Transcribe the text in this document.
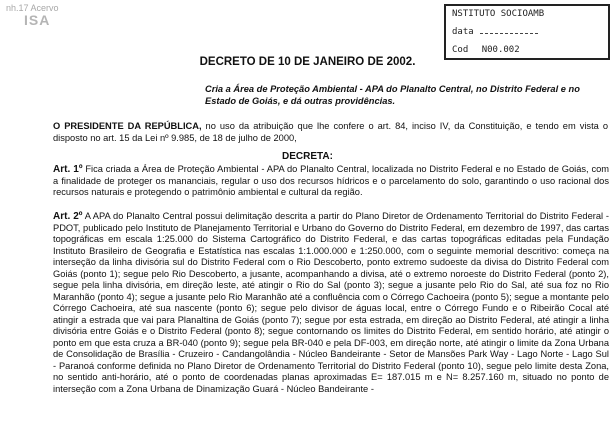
nh.17 Acervo
ISA	NSTITUTO SOCIOAMB
data
Cod N00.002
DECRETO DE 10 DE JANEIRO DE 2002.
Cria a Área de Proteção Ambiental - APA do Planalto Central, no Distrito Federal e no Estado de Goiás, e dá outras providências.
O PRESIDENTE DA REPÚBLICA, no uso da atribuição que lhe confere o art. 84, inciso IV, da Constituição, e tendo em vista o disposto no art. 15 da Lei nº 9.985, de 18 de julho de 2000,
DECRETA:
Art. 1º Fica criada a Área de Proteção Ambiental - APA do Planalto Central, localizada no Distrito Federal e no Estado de Goiás, com a finalidade de proteger os mananciais, regular o uso dos recursos hídricos e o parcelamento do solo, garantindo o uso racional dos recursos naturais e protegendo o patrimônio ambiental e cultural da região.
Art. 2º A APA do Planalto Central possui delimitação descrita a partir do Plano Diretor de Ordenamento Territorial do Distrito Federal - PDOT, publicado pelo Instituto de Planejamento Territorial e Urbano do Governo do Distrito Federal, em dezembro de 1997, das cartas topográficas em escala 1:25.000 do Sistema Cartográfico do Distrito Federal, e das cartas topográficas editadas pela Fundação Instituto Brasileiro de Geografia e Estatística nas escalas 1:1.000.000 e 1:250.000, com o seguinte memorial descritivo: começa na interseção da linha divisória sul do Distrito Federal com o Rio Descoberto, ponto extremo sudoeste da divisa do Distrito Federal com Goiás (ponto 1); segue pelo Rio Descoberto, a jusante, acompanhando a divisa, até o extremo noroeste do Distrito Federal (ponto 2), segue pela linha divisória, em direção leste, até atingir o Rio do Sal (ponto 3); segue a jusante pelo Rio do Sal, até sua foz no Rio Maranhão (ponto 4); segue a jusante pelo Rio Maranhão até a confluência com o Córrego Cachoeira (ponto 5); segue a montante pelo Córrego Cachoeira, até sua nascente (ponto 6); segue pelo divisor de águas local, entre o Córrego Fundo e o Ribeirão Cocal até atingir a estrada que vai para Planaltina de Goiás (ponto 7); segue por esta estrada, em direção ao Distrito Federal, até atingir a linha divisória entre Goiás e o Distrito Federal (ponto 8); segue contornando os limites do Distrito Federal, em sentido horário, até atingir o ponto em que esta cruza a BR-040 (ponto 9); segue pela BR-040 e pela DF-003, em direção norte, até atingir o limite da Zona Urbana de Consolidação de Brasília - Cruzeiro - Candangolândia - Núcleo Bandeirante - Setor de Mansões Park Way - Lago Norte - Lago Sul - Paranoá conforme definida no Plano Diretor de Ordenamento Territorial do Distrito Federal (ponto 10), segue pelo limite desta Zona, no sentido anti-horário, até o ponto de coordenadas planas aproximadas E= 187.015 m e N= 8.257.160 m, situado no ponto de interseção com a Zona Urbana de Dinamização Guará - Núcleo Bandeirante -
